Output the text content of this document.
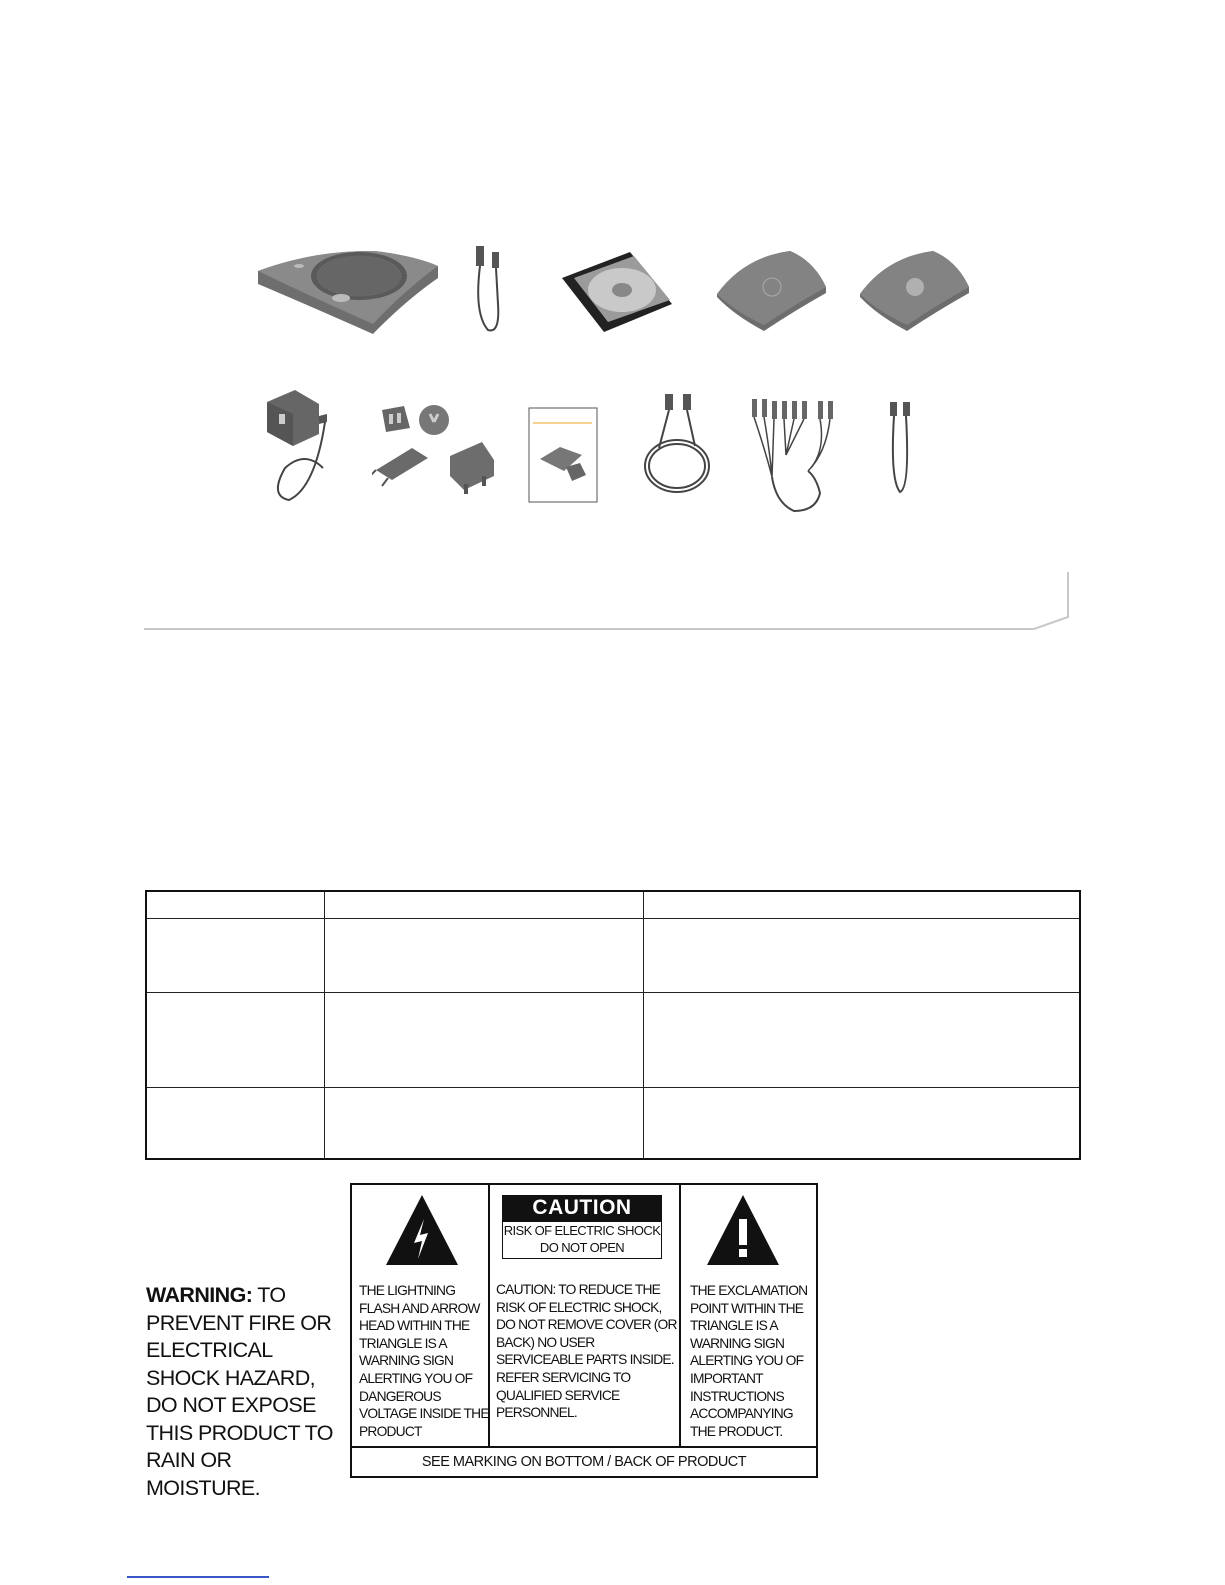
WARNING: TO PREVENT FIRE OR ELECTRICAL SHOCK HAZARD, DO NOT EXPOSE THIS PRODUCT TO RAIN OR MOISTURE.
THE LIGHTNING FLASH AND ARROW HEAD WITHIN THE TRIANGLE IS A WARNING SIGN ALERTING YOU OF DANGEROUS VOLTAGE INSIDE THE PRODUCT
CAUTION
RISK OF ELECTRIC SHOCK
DO NOT OPEN
CAUTION: TO REDUCE THE RISK OF ELECTRIC SHOCK, DO NOT REMOVE COVER (OR BACK) NO USER SERVICEABLE PARTS INSIDE. REFER SERVICING TO QUALIFIED SERVICE PERSONNEL.
THE EXCLAMATION POINT WITHIN THE TRIANGLE IS A WARNING SIGN ALERTING YOU OF IMPORTANT INSTRUCTIONS ACCOMPANYING THE PRODUCT.
SEE MARKING ON BOTTOM / BACK OF PRODUCT
